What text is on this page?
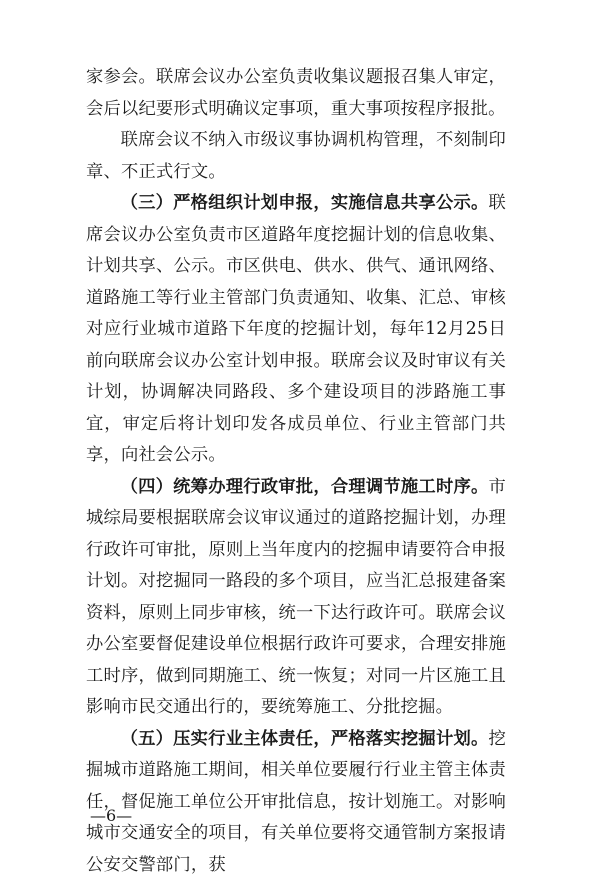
家参会。联席会议办公室负责收集议题报召集人审定，会后以纪要形式明确议定事项，重大事项按程序报批。

联席会议不纳入市级议事协调机构管理，不刻制印章、不正式行文。

（三）严格组织计划申报，实施信息共享公示。联席会议办公室负责市区道路年度挖掘计划的信息收集、计划共享、公示。市区供电、供水、供气、通讯网络、道路施工等行业主管部门负责通知、收集、汇总、审核对应行业城市道路下年度的挖掘计划，每年12月25日前向联席会议办公室计划申报。联席会议及时审议有关计划，协调解决同路段、多个建设项目的涉路施工事宜，审定后将计划印发各成员单位、行业主管部门共享，向社会公示。

（四）统筹办理行政审批，合理调节施工时序。市城综局要根据联席会议审议通过的道路挖掘计划，办理行政许可审批，原则上当年度内的挖掘申请要符合申报计划。对挖掘同一路段的多个项目，应当汇总报建备案资料，原则上同步审核，统一下达行政许可。联席会议办公室要督促建设单位根据行政许可要求，合理安排施工时序，做到同期施工、统一恢复；对同一片区施工且影响市民交通出行的，要统筹施工、分批挖掘。

（五）压实行业主体责任，严格落实挖掘计划。挖掘城市道路施工期间，相关单位要履行行业主管主体责任，督促施工单位公开审批信息，按计划施工。对影响城市交通安全的项目，有关单位要将交通管制方案报请公安交警部门，获

—6—
